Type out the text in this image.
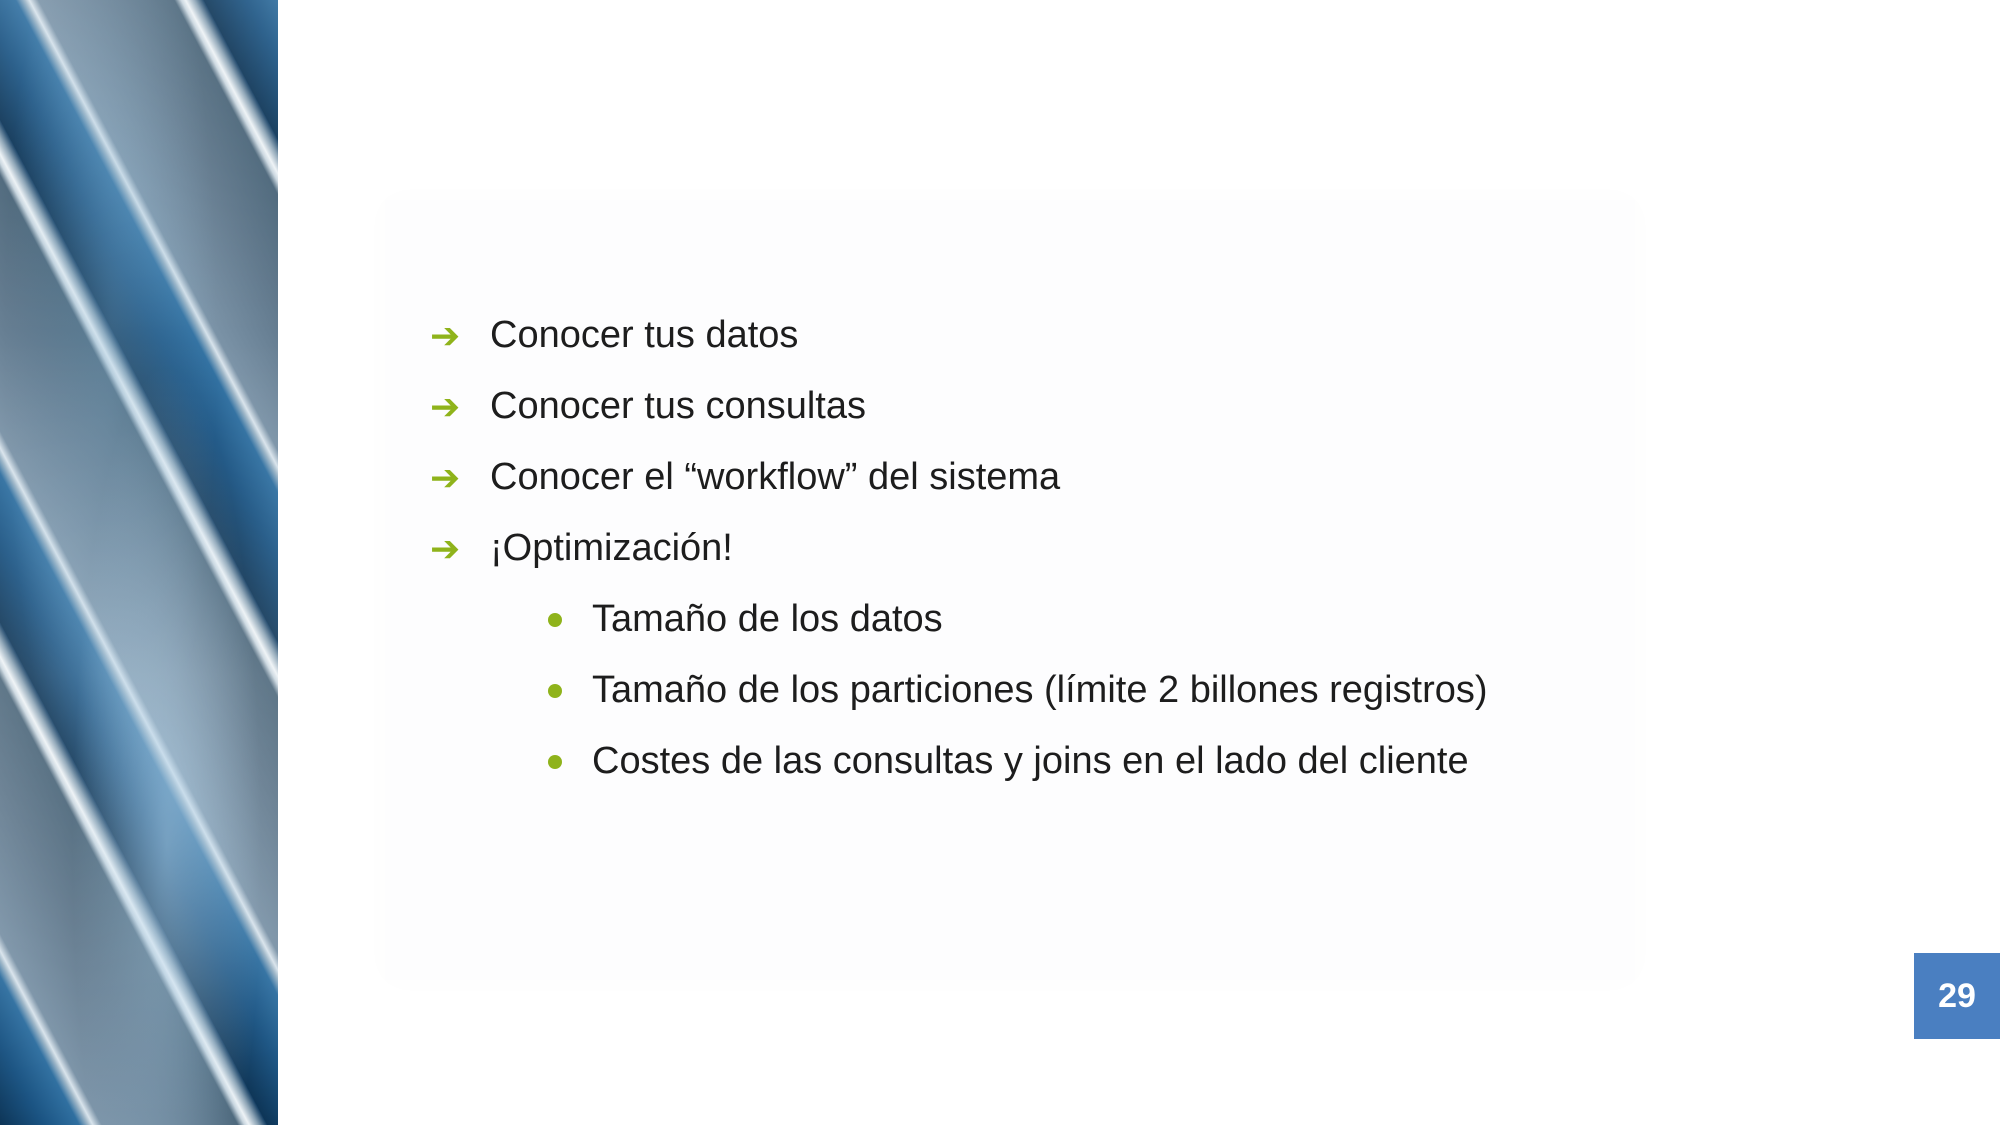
➔ Conocer tus datos
➔ Conocer tus consultas
➔ Conocer el “workflow” del sistema
➔ ¡Optimización!
Tamaño de los datos
Tamaño de los particiones (límite 2 billones registros)
Costes de las consultas y joins en el lado del cliente
29
